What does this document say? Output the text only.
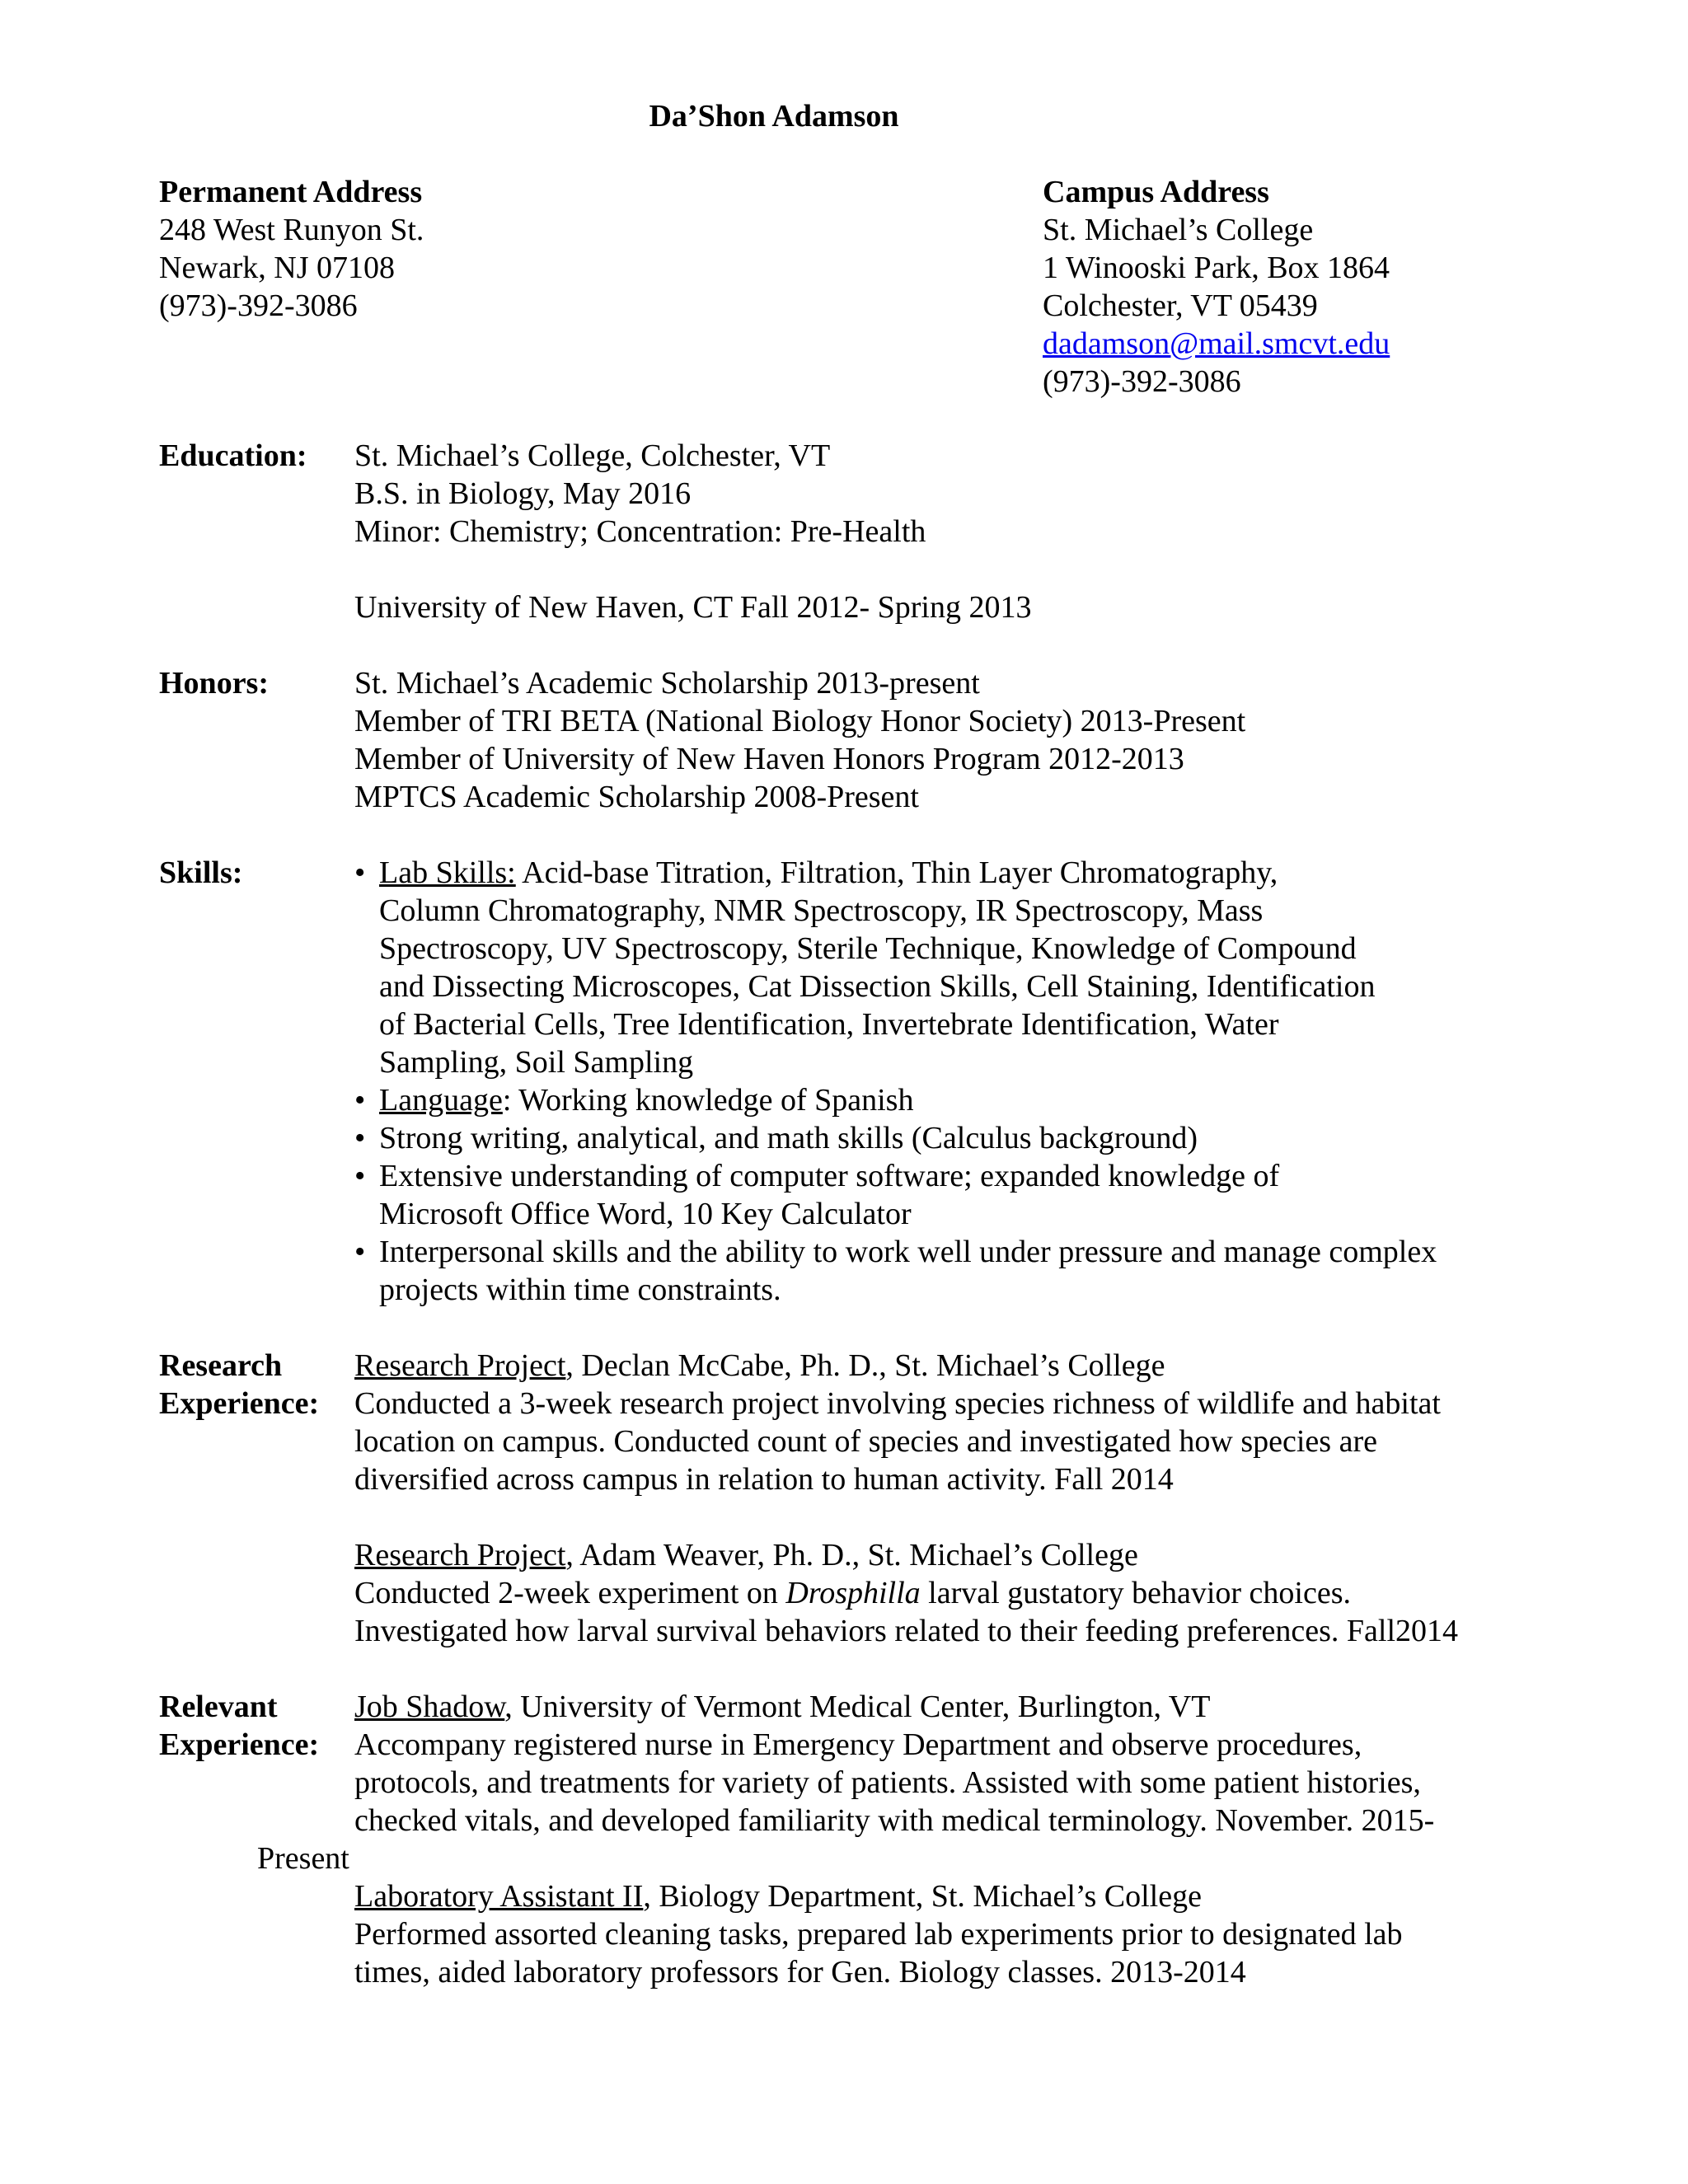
Da’Shon Adamson
Permanent Address
248 West Runyon St.
Newark, NJ 07108
(973)-392-3086
Campus Address
St. Michael’s College
1 Winooski Park, Box 1864
Colchester, VT 05439
dadamson@mail.smcvt.edu
(973)-392-3086
Education:	St. Michael’s College, Colchester, VT
B.S. in Biology, May 2016
Minor: Chemistry; Concentration: Pre-Health
University of New Haven, CT Fall 2012- Spring 2013
Honors:	St. Michael’s Academic Scholarship 2013-present
Member of TRI BETA (National Biology Honor Society) 2013-Present
Member of University of New Haven Honors Program 2012-2013
MPTCS Academic Scholarship 2008-Present
Skills:	• Lab Skills: Acid-base Titration, Filtration, Thin Layer Chromatography,
Column Chromatography, NMR Spectroscopy, IR Spectroscopy, Mass
Spectroscopy, UV Spectroscopy, Sterile Technique, Knowledge of Compound
and Dissecting Microscopes, Cat Dissection Skills, Cell Staining, Identification
of Bacterial Cells, Tree Identification, Invertebrate Identification, Water
Sampling, Soil Sampling
• Language: Working knowledge of Spanish
• Strong writing, analytical, and math skills (Calculus background)
• Extensive understanding of computer software; expanded knowledge of
Microsoft Office Word, 10 Key Calculator
• Interpersonal skills and the ability to work well under pressure and manage complex
projects within time constraints.
Research
Experience:
Research Project, Declan McCabe, Ph. D., St. Michael’s College
Conducted a 3-week research project involving species richness of wildlife and habitat
location on campus. Conducted count of species and investigated how species are
diversified across campus in relation to human activity. Fall 2014
Research Project, Adam Weaver, Ph. D., St. Michael’s College
Conducted 2-week experiment on Drosphilla larval gustatory behavior choices.
Investigated how larval survival behaviors related to their feeding preferences. Fall2014
Relevant
Experience:
Job Shadow, University of Vermont Medical Center, Burlington, VT
Accompany registered nurse in Emergency Department and observe procedures,
protocols, and treatments for variety of patients. Assisted with some patient histories,
checked vitals, and developed familiarity with medical terminology. November. 2015-
Present
Laboratory Assistant II, Biology Department, St. Michael’s College
Performed assorted cleaning tasks, prepared lab experiments prior to designated lab
times, aided laboratory professors for Gen. Biology classes. 2013-2014
